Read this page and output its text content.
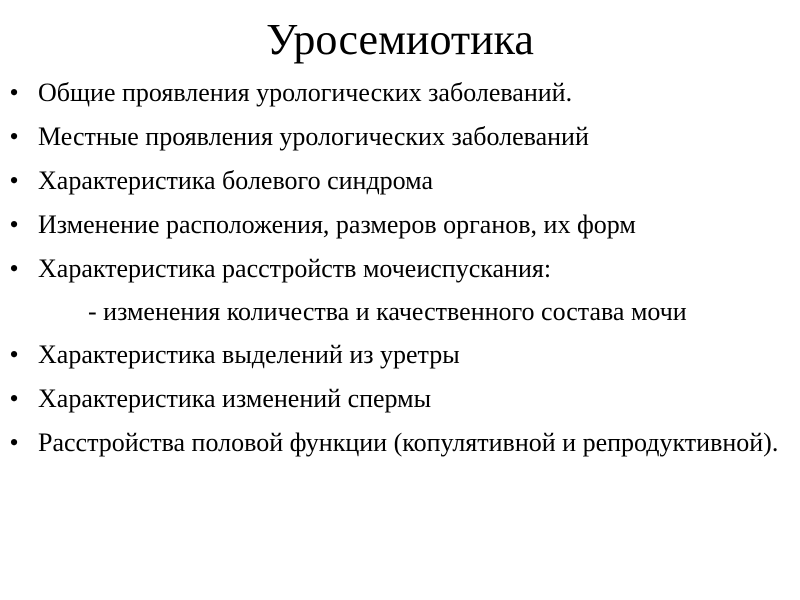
Уросемиотика
• Общие проявления урологических заболеваний.
• Местные проявления урологических заболеваний
• Характеристика болевого синдрома
• Изменение расположения, размеров органов, их форм
• Характеристика расстройств мочеиспускания:
- изменения количества и качественного состава мочи
• Характеристика выделений из уретры
• Характеристика изменений спермы
• Расстройства половой функции (копулятивной и репродуктивной).
